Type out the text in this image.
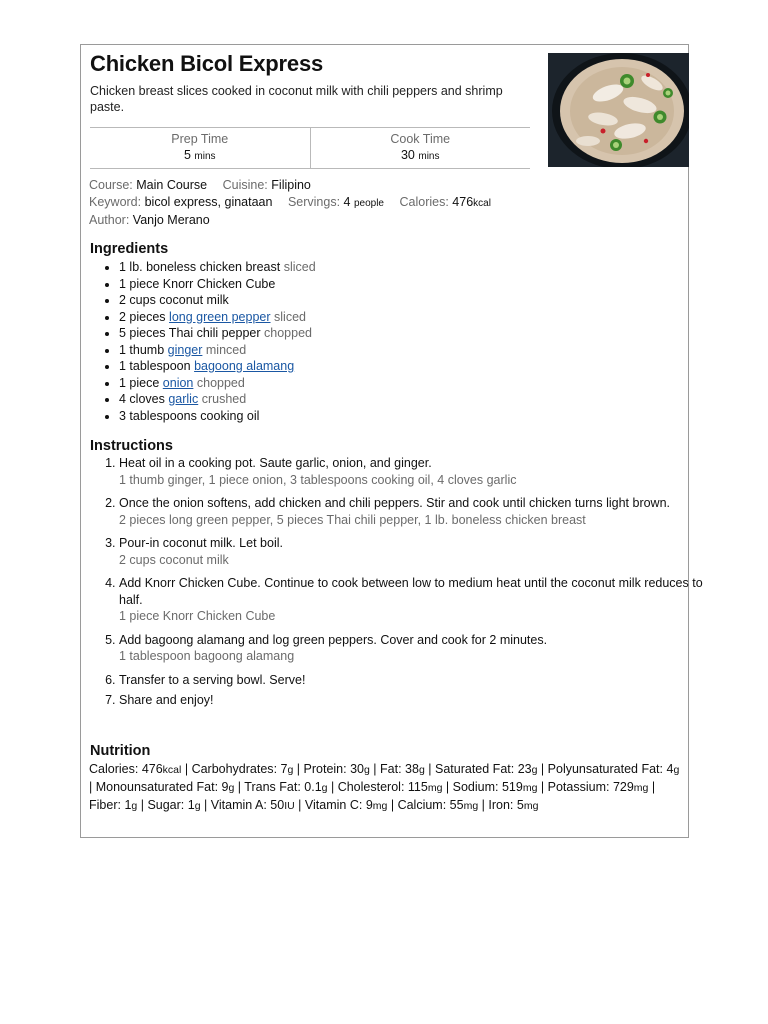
Chicken Bicol Express

Chicken breast slices cooked in coconut milk with chili peppers and shrimp paste.

Prep Time
5 mins
Cook Time
30 mins
Course: Main Course Cuisine: Filipino
Keyword: bicol express, ginataan Servings: 4 people Calories: 476kcal
Author: Vanjo Merano
Ingredients
• 1 lb. boneless chicken breast sliced
• 1 piece Knorr Chicken Cube
• 2 cups coconut milk
• 2 pieces long green pepper sliced
• 5 pieces Thai chili pepper chopped
• 1 thumb ginger minced
• 1 tablespoon bagoong alamang
• 1 piece onion chopped
• 4 cloves garlic crushed
• 3 tablespoons cooking oil
Instructions
1. Heat oil in a cooking pot. Saute garlic, onion, and ginger.
1 thumb ginger, 1 piece onion, 3 tablespoons cooking oil, 4 cloves garlic
2. Once the onion softens, add chicken and chili peppers. Stir and cook until chicken turns light brown.
2 pieces long green pepper, 5 pieces Thai chili pepper, 1 lb. boneless chicken breast
3. Pour-in coconut milk. Let boil.
2 cups coconut milk
4. Add Knorr Chicken Cube. Continue to cook between low to medium heat until the coconut milk reduces to half.
1 piece Knorr Chicken Cube
5. Add bagoong alamang and log green peppers. Cover and cook for 2 minutes.
1 tablespoon bagoong alamang
6. Transfer to a serving bowl. Serve!
7. Share and enjoy!
Nutrition

Calories: 476kcal | Carbohydrates: 7g | Protein: 30g | Fat: 38g | Saturated Fat: 23g | Polyunsaturated Fat: 4g | Monounsaturated Fat: 9g | Trans Fat: 0.1g | Cholesterol: 115mg | Sodium: 519mg | Potassium: 729mg | Fiber: 1g | Sugar: 1g | Vitamin A: 50IU | Vitamin C: 9mg | Calcium: 55mg | Iron: 5mg
